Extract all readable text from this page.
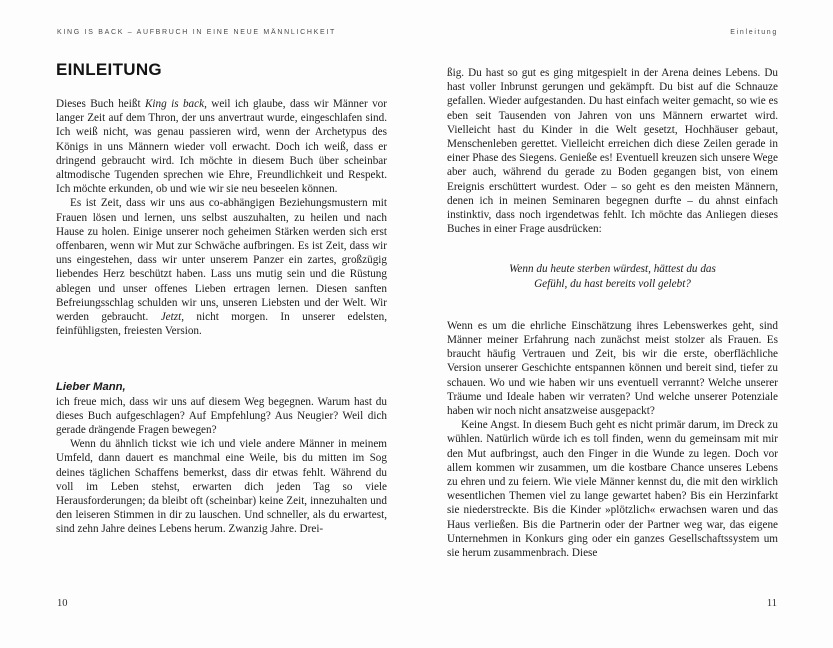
KING IS BACK – AUFBRUCH IN EINE NEUE MÄNNLICHKEIT
EINLEITUNG

Dieses Buch heißt King is back, weil ich glaube, dass wir Männer vor langer Zeit auf dem Thron, der uns anvertraut wurde, eingeschlafen sind. Ich weiß nicht, was genau passieren wird, wenn der Archetypus des Königs in uns Männern wieder voll erwacht. Doch ich weiß, dass er dringend gebraucht wird. Ich möchte in diesem Buch über scheinbar altmodische Tugenden sprechen wie Ehre, Freundlichkeit und Respekt. Ich möchte erkunden, ob und wie wir sie neu beseelen können.

Es ist Zeit, dass wir uns aus co-abhängigen Beziehungsmustern mit Frauen lösen und lernen, uns selbst auszuhalten, zu heilen und nach Hause zu holen. Einige unserer noch geheimen Stärken werden sich erst offenbaren, wenn wir Mut zur Schwäche aufbringen. Es ist Zeit, dass wir uns eingestehen, dass wir unter unserem Panzer ein zartes, großzügig liebendes Herz beschützt haben. Lass uns mutig sein und die Rüstung ablegen und unser offenes Lieben ertragen lernen. Diesen sanften Befreiungsschlag schulden wir uns, unseren Liebsten und der Welt. Wir werden gebraucht. Jetzt, nicht morgen. In unserer edelsten, feinfühligsten, freiesten Version.

Lieber Mann,

ich freue mich, dass wir uns auf diesem Weg begegnen. Warum hast du dieses Buch aufgeschlagen? Auf Empfehlung? Aus Neugier? Weil dich gerade drängende Fragen bewegen?

Wenn du ähnlich tickst wie ich und viele andere Männer in meinem Umfeld, dann dauert es manchmal eine Weile, bis du mitten im Sog deines täglichen Schaffens bemerkst, dass dir etwas fehlt. Während du voll im Leben stehst, erwarten dich jeden Tag so viele Herausforderungen; da bleibt oft (scheinbar) keine Zeit, innezuhalten und den leiseren Stimmen in dir zu lauschen. Und schneller, als du erwartest, sind zehn Jahre deines Lebens herum. Zwanzig Jahre. Drei-

10
Einleitung

ßig. Du hast so gut es ging mitgespielt in der Arena deines Lebens. Du hast voller Inbrunst gerungen und gekämpft. Du bist auf die Schnauze gefallen. Wieder aufgestanden. Du hast einfach weiter gemacht, so wie es eben seit Tausenden von Jahren von uns Männern erwartet wird. Vielleicht hast du Kinder in die Welt gesetzt, Hochhäuser gebaut, Menschenleben gerettet. Vielleicht erreichen dich diese Zeilen gerade in einer Phase des Siegens. Genieße es! Eventuell kreuzen sich unsere Wege aber auch, während du gerade zu Boden gegangen bist, von einem Ereignis erschüttert wurdest. Oder – so geht es den meisten Männern, denen ich in meinen Seminaren begegnen durfte – du ahnst einfach instinktiv, dass noch irgendetwas fehlt. Ich möchte das Anliegen dieses Buches in einer Frage ausdrücken:

Wenn du heute sterben würdest, hättest du das
Gefühl, du hast bereits voll gelebt?

Wenn es um die ehrliche Einschätzung ihres Lebenswerkes geht, sind Männer meiner Erfahrung nach zunächst meist stolzer als Frauen. Es braucht häufig Vertrauen und Zeit, bis wir die erste, oberflächliche Version unserer Geschichte entspannen können und bereit sind, tiefer zu schauen. Wo und wie haben wir uns eventuell verrannt? Welche unserer Träume und Ideale haben wir verraten? Und welche unserer Potenziale haben wir noch nicht ansatzweise ausgepackt?

Keine Angst. In diesem Buch geht es nicht primär darum, im Dreck zu wühlen. Natürlich würde ich es toll finden, wenn du gemeinsam mit mir den Mut aufbringst, auch den Finger in die Wunde zu legen. Doch vor allem kommen wir zusammen, um die kostbare Chance unseres Lebens zu ehren und zu feiern. Wie viele Männer kennst du, die mit den wirklich wesentlichen Themen viel zu lange gewartet haben? Bis ein Herzinfarkt sie niederstreckte. Bis die Kinder »plötzlich« erwachsen waren und das Haus verließen. Bis die Partnerin oder der Partner weg war, das eigene Unternehmen in Konkurs ging oder ein ganzes Gesellschaftssystem um sie herum zusammenbrach. Diese

11
